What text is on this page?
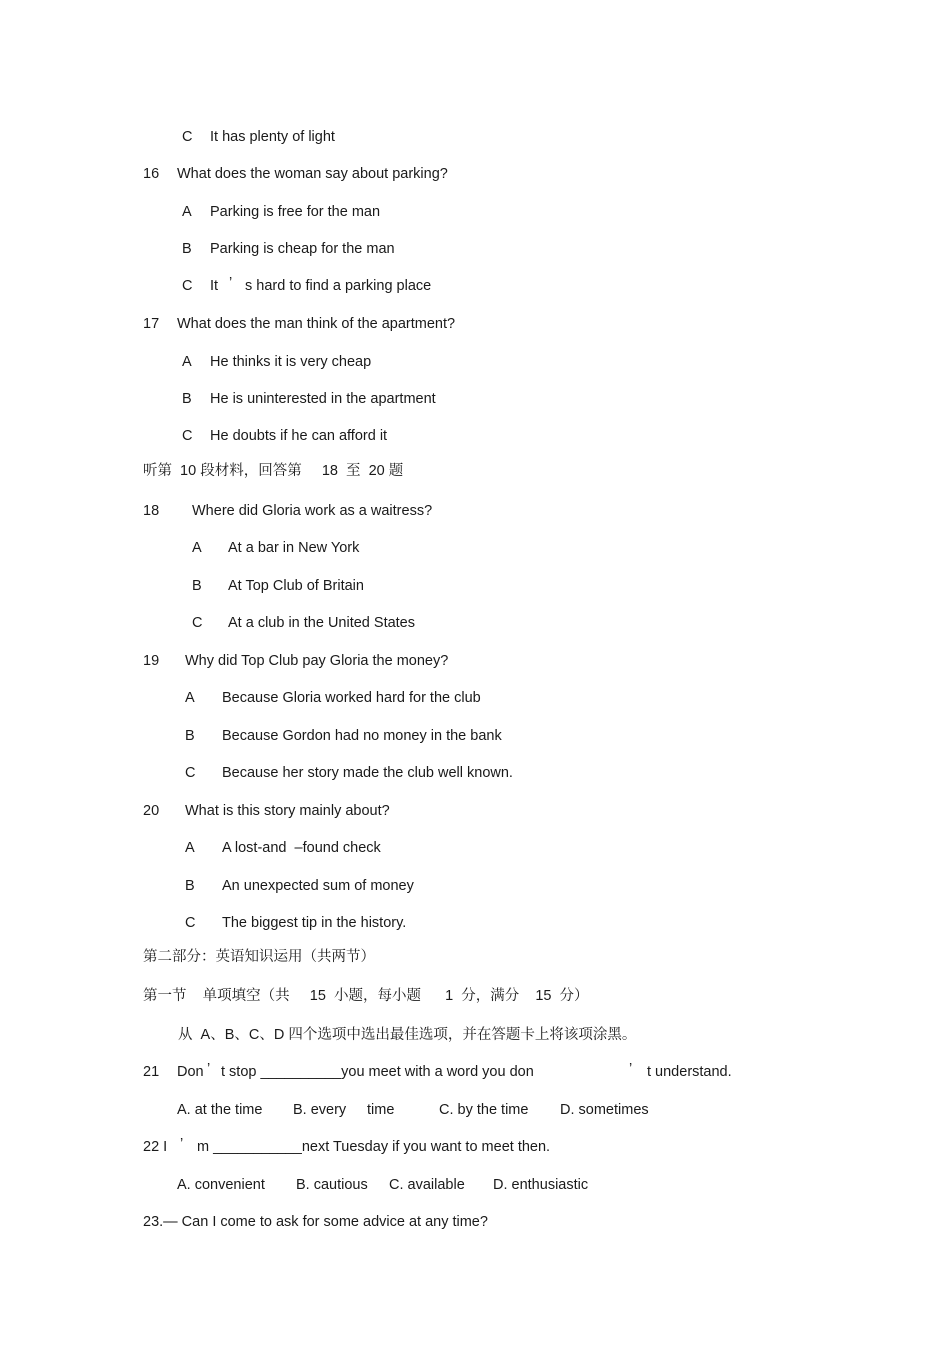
C

It has plenty of light

16

What does the woman say about parking?

A

Parking is free for the man

B

Parking is cheap for the man

C

It

’

s hard to find a parking place

17

What does the man think of the apartment?

A

He thinks it is very cheap

B

He is uninterested in the apartment

C

He doubts if he can afford it

听第  10 段材料，回答第     18  至  20 题

18

Where did Gloria work as a waitress?

A

At a bar in New York

B

At Top Club of Britain

C

At a club in the United States

19

Why did Top Club pay Gloria the money?

A

Because Gloria worked hard for the club

B

Because Gordon had no money in the bank

C

Because her story made the club well known.

20

What is this story mainly about?

A

A lost-and  –found check

B

An unexpected sum of money

C

The biggest tip in the history.

第二部分：英语知识运用（共两节）
第一节    单项填空（共     15  小题，每小题      1  分，满分    15  分）
从  A、B、C、D 四个选项中选出最佳选项，并在答题卡上将该项涂黑。

21

Don

’

t stop __________you meet with a word you don

	’

t understand.

A. at the time

B. every

time

	C. by the time

D. sometimes

22 I

’

m ___________next Tuesday if you want to meet then.

A. convenient

B. cautious

C. available

D. enthusiastic

23.— Can I come to ask for some advice at any time?
